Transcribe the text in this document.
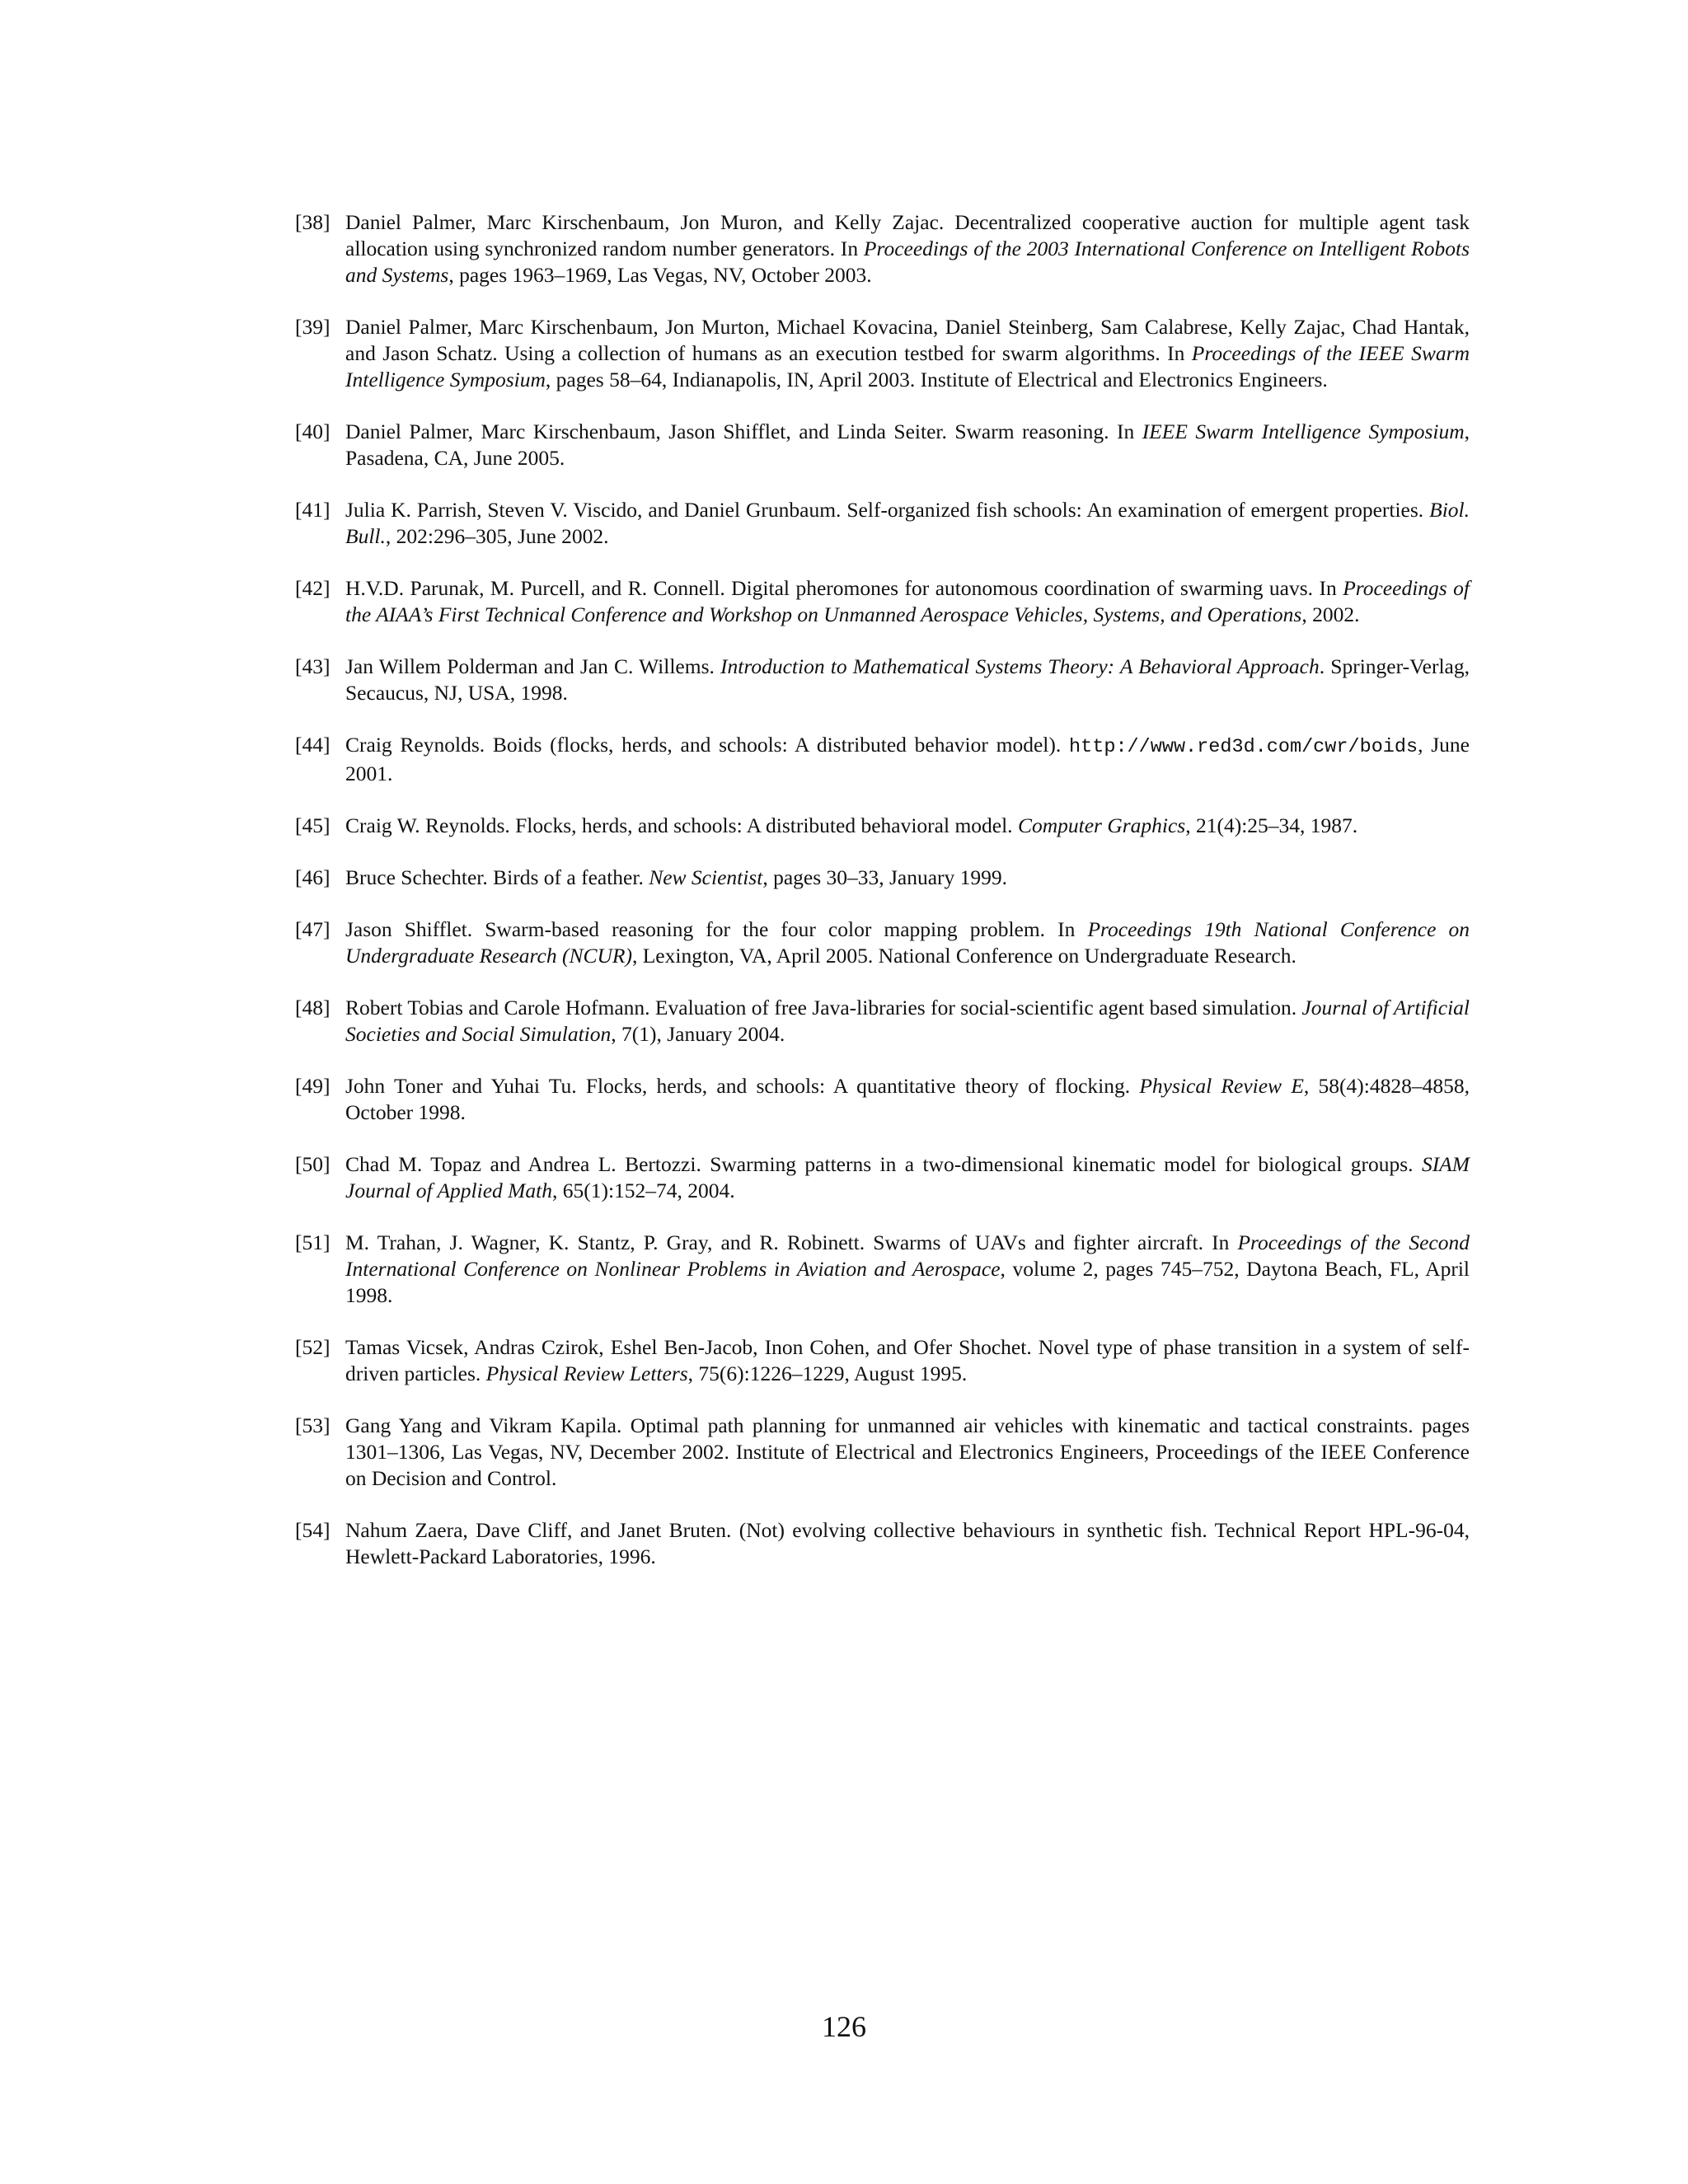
[38] Daniel Palmer, Marc Kirschenbaum, Jon Muron, and Kelly Zajac. Decentralized cooperative auction for multiple agent task allocation using synchronized random number generators. In Proceedings of the 2003 International Conference on Intelligent Robots and Systems, pages 1963–1969, Las Vegas, NV, October 2003.
[39] Daniel Palmer, Marc Kirschenbaum, Jon Murton, Michael Kovacina, Daniel Steinberg, Sam Calabrese, Kelly Zajac, Chad Hantak, and Jason Schatz. Using a collection of humans as an execution testbed for swarm algorithms. In Proceedings of the IEEE Swarm Intelligence Symposium, pages 58–64, Indianapolis, IN, April 2003. Institute of Electrical and Electronics Engineers.
[40] Daniel Palmer, Marc Kirschenbaum, Jason Shifflet, and Linda Seiter. Swarm reasoning. In IEEE Swarm Intelligence Symposium, Pasadena, CA, June 2005.
[41] Julia K. Parrish, Steven V. Viscido, and Daniel Grunbaum. Self-organized fish schools: An examination of emergent properties. Biol. Bull., 202:296–305, June 2002.
[42] H.V.D. Parunak, M. Purcell, and R. Connell. Digital pheromones for autonomous coordination of swarming uavs. In Proceedings of the AIAA’s First Technical Conference and Workshop on Unmanned Aerospace Vehicles, Systems, and Operations, 2002.
[43] Jan Willem Polderman and Jan C. Willems. Introduction to Mathematical Systems Theory: A Behavioral Approach. Springer-Verlag, Secaucus, NJ, USA, 1998.
[44] Craig Reynolds. Boids (flocks, herds, and schools: A distributed behavior model). http://www.red3d.com/cwr/boids, June 2001.
[45] Craig W. Reynolds. Flocks, herds, and schools: A distributed behavioral model. Computer Graphics, 21(4):25–34, 1987.
[46] Bruce Schechter. Birds of a feather. New Scientist, pages 30–33, January 1999.
[47] Jason Shifflet. Swarm-based reasoning for the four color mapping problem. In Proceedings 19th National Conference on Undergraduate Research (NCUR), Lexington, VA, April 2005. National Conference on Undergraduate Research.
[48] Robert Tobias and Carole Hofmann. Evaluation of free Java-libraries for social-scientific agent based simulation. Journal of Artificial Societies and Social Simulation, 7(1), January 2004.
[49] John Toner and Yuhai Tu. Flocks, herds, and schools: A quantitative theory of flocking. Physical Review E, 58(4):4828–4858, October 1998.
[50] Chad M. Topaz and Andrea L. Bertozzi. Swarming patterns in a two-dimensional kinematic model for biological groups. SIAM Journal of Applied Math, 65(1):152–74, 2004.
[51] M. Trahan, J. Wagner, K. Stantz, P. Gray, and R. Robinett. Swarms of UAVs and fighter aircraft. In Proceedings of the Second International Conference on Nonlinear Problems in Aviation and Aerospace, volume 2, pages 745–752, Daytona Beach, FL, April 1998.
[52] Tamas Vicsek, Andras Czirok, Eshel Ben-Jacob, Inon Cohen, and Ofer Shochet. Novel type of phase transition in a system of self-driven particles. Physical Review Letters, 75(6):1226–1229, August 1995.
[53] Gang Yang and Vikram Kapila. Optimal path planning for unmanned air vehicles with kinematic and tactical constraints. pages 1301–1306, Las Vegas, NV, December 2002. Institute of Electrical and Electronics Engineers, Proceedings of the IEEE Conference on Decision and Control.
[54] Nahum Zaera, Dave Cliff, and Janet Bruten. (Not) evolving collective behaviours in synthetic fish. Technical Report HPL-96-04, Hewlett-Packard Laboratories, 1996.
126
